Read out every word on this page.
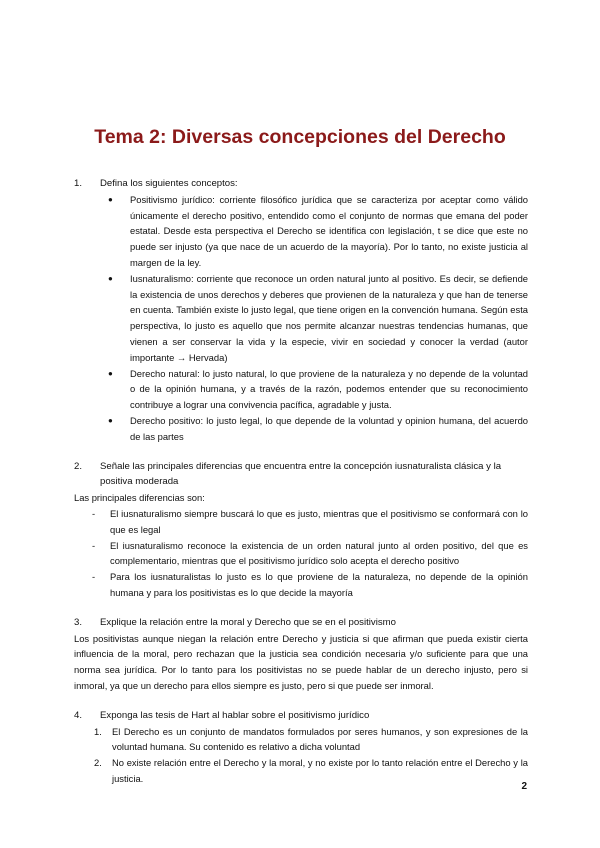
Tema 2: Diversas concepciones del Derecho
1. Defina los siguientes conceptos:
● Positivismo jurídico: corriente filosófico jurídica que se caracteriza por aceptar como válido únicamente el derecho positivo, entendido como el conjunto de normas que emana del poder estatal. Desde esta perspectiva el Derecho se identifica con legislación, t se dice que este no puede ser injusto (ya que nace de un acuerdo de la mayoría). Por lo tanto, no existe justicia al margen de la ley.
● Iusnaturalismo: corriente que reconoce un orden natural junto al positivo. Es decir, se defiende la existencia de unos derechos y deberes que provienen de la naturaleza y que han de tenerse en cuenta. También existe lo justo legal, que tiene origen en la convención humana. Según esta perspectiva, lo justo es aquello que nos permite alcanzar nuestras tendencias humanas, que vienen a ser conservar la vida y la especie, vivir en sociedad y conocer la verdad (autor importante → Hervada)
● Derecho natural: lo justo natural, lo que proviene de la naturaleza y no depende de la voluntad o de la opinión humana, y a través de la razón, podemos entender que su reconocimiento contribuye a lograr una convivencia pacífica, agradable y justa.
● Derecho positivo: lo justo legal, lo que depende de la voluntad y opinion humana, del acuerdo de las partes
2. Señale las principales diferencias que encuentra entre la concepción iusnaturalista clásica y la positiva moderada

Las principales diferencias son:

- El iusnaturalismo siempre buscará lo que es justo, mientras que el positivismo se conformará con lo que es legal
- El iusnaturalismo reconoce la existencia de un orden natural junto al orden positivo, del que es complementario, mientras que el positivismo jurídico solo acepta el derecho positivo
- Para los iusnaturalistas lo justo es lo que proviene de la naturaleza, no depende de la opinión humana y para los positivistas es lo que decide la mayoría
3. Explique la relación entre la moral y Derecho que se en el positivismo

Los positivistas aunque niegan la relación entre Derecho y justicia si que afirman que pueda existir cierta influencia de la moral, pero rechazan que la justicia sea condición necesaria y/o suficiente para que una norma sea jurídica. Por lo tanto para los positivistas no se puede hablar de un derecho injusto, pero si inmoral, ya que un derecho para ellos siempre es justo, pero si que puede ser inmoral.

4. Exponga las tesis de Hart al hablar sobre el positivismo jurídico
1. El Derecho es un conjunto de mandatos formulados por seres humanos, y son expresiones de la voluntad humana. Su contenido es relativo a dicha voluntad
2. No existe relación entre el Derecho y la moral, y no existe por lo tanto relación entre el Derecho y la justicia.
2
